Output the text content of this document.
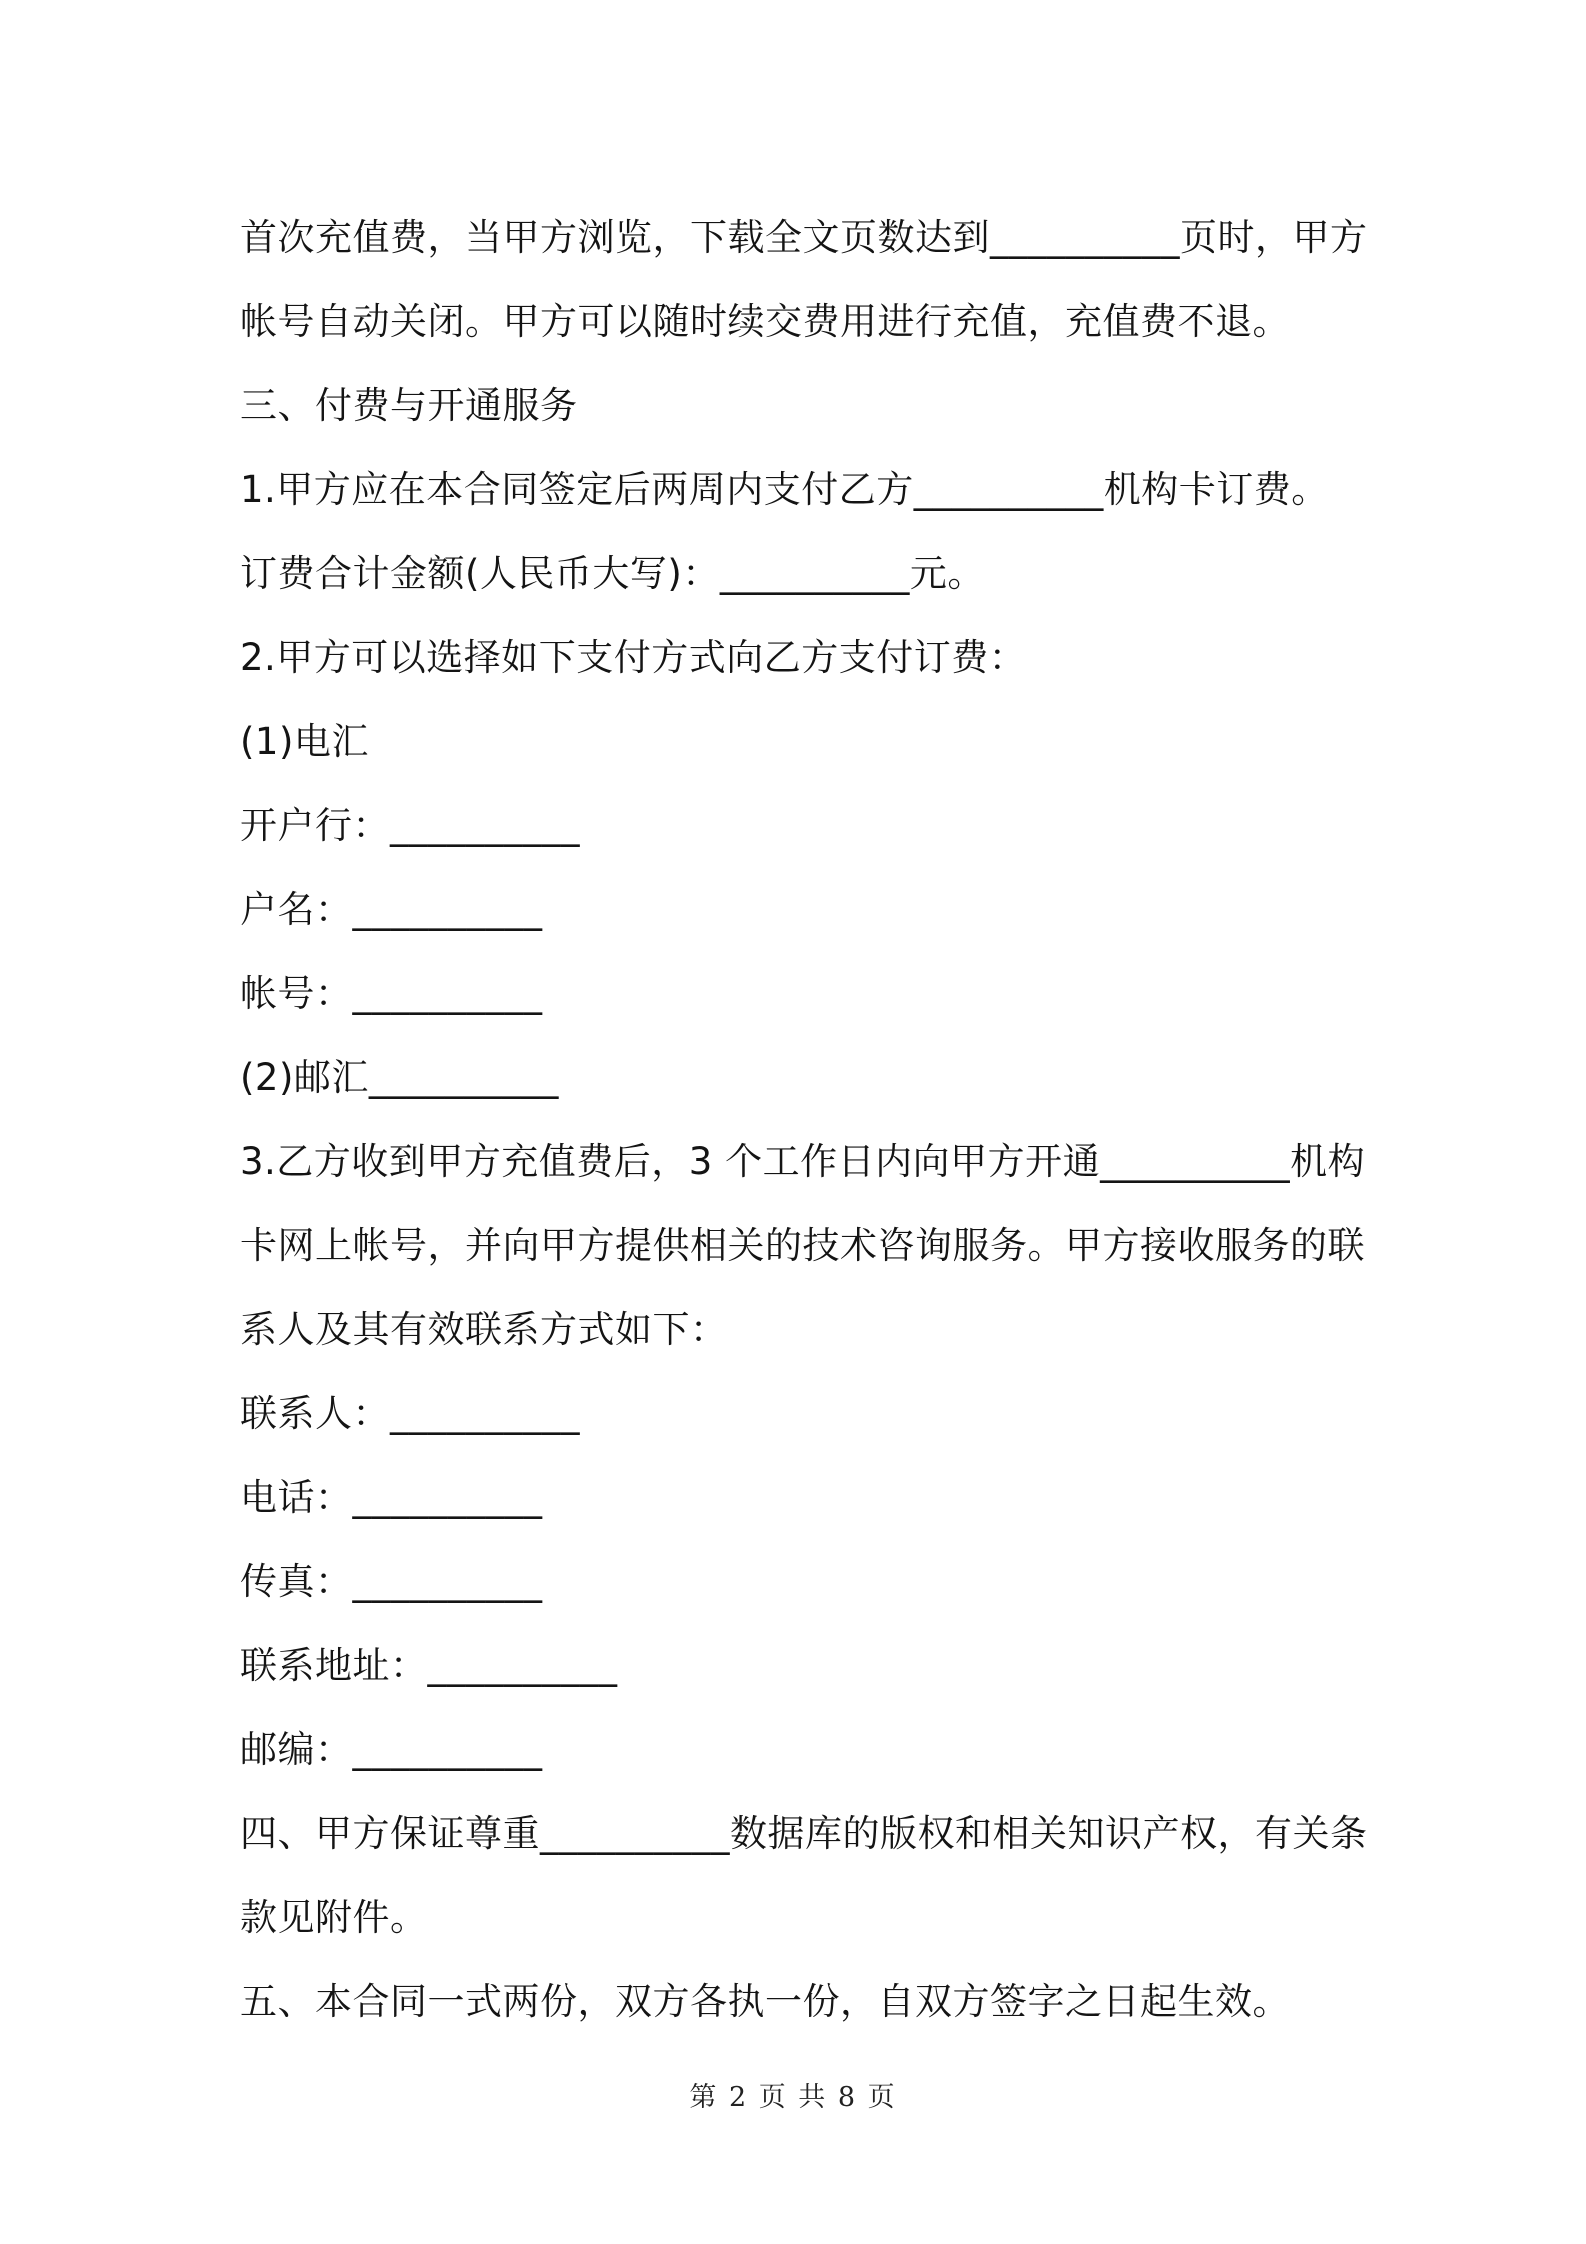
首次充值费，当甲方浏览，下载全文页数达到__________页时，甲方
帐号自动关闭。甲方可以随时续交费用进行充值，充值费不退。
三、付费与开通服务
1.甲方应在本合同签定后两周内支付乙方__________机构卡订费。
订费合计金额(人民币大写)：__________元。
2.甲方可以选择如下支付方式向乙方支付订费：
(1)电汇
开户行：__________
户名：__________
帐号：__________
(2)邮汇__________
3.乙方收到甲方充值费后，3 个工作日内向甲方开通__________机构
卡网上帐号，并向甲方提供相关的技术咨询服务。甲方接收服务的联
系人及其有效联系方式如下：
联系人：__________
电话：__________
传真：__________
联系地址：__________
邮编：__________
四、甲方保证尊重__________数据库的版权和相关知识产权，有关条
款见附件。
五、本合同一式两份，双方各执一份，自双方签字之日起生效。
第 2 页 共 8 页
